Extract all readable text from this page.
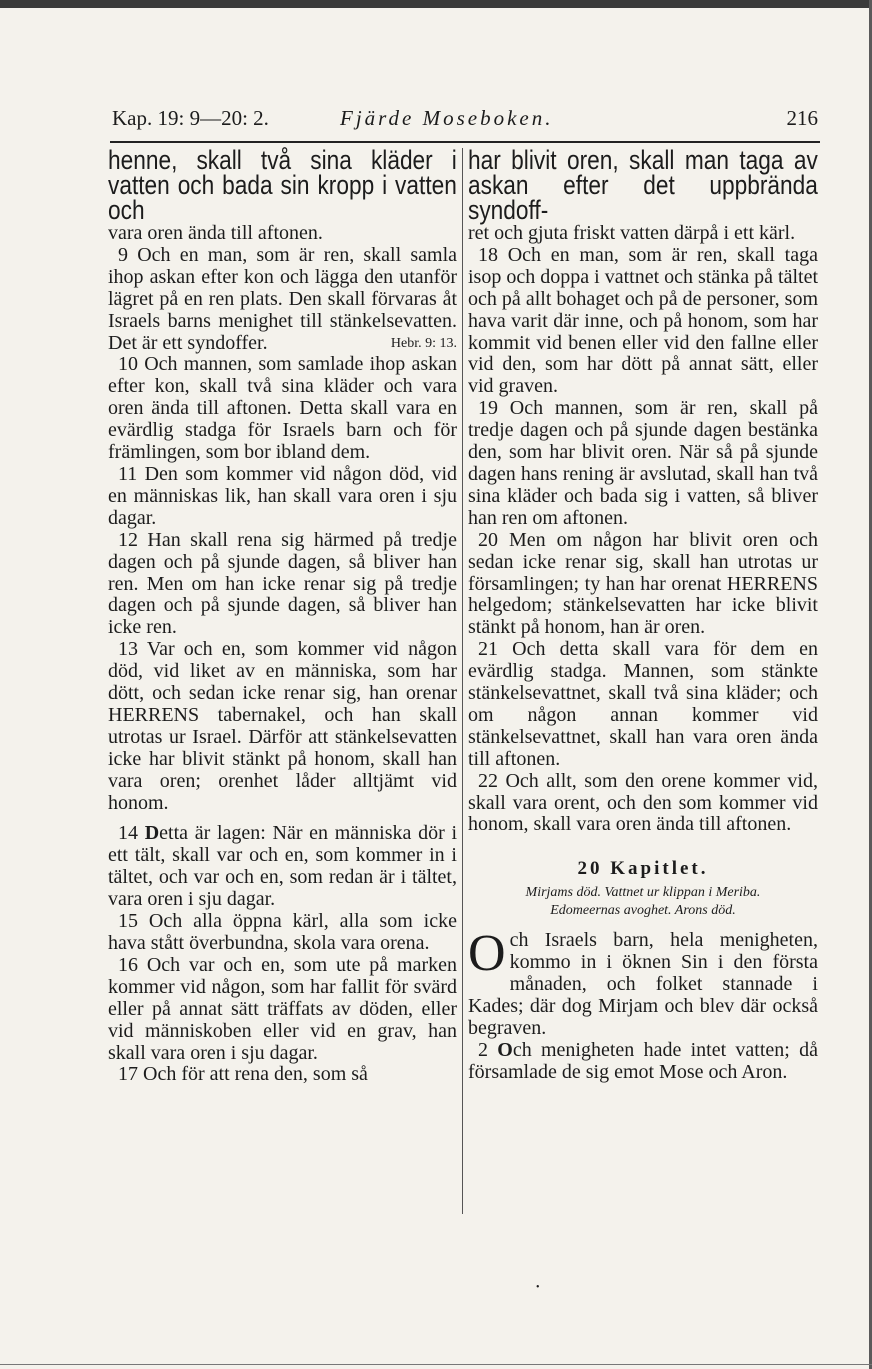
Kap. 19: 9—20: 2.	Fjärde Moseboken.	216

henne, skall två sina kläder i vatten och bada sin kropp i vatten och

vara oren ända till aftonen.

9 Och en man, som är ren, skall samla ihop askan efter kon och lägga den utanför lägret på en ren plats. Den skall förvaras åt Israels barns menighet till stänkelsevatten. Det är ett syndoffer.	Hebr. 9: 13.

10 Och mannen, som samlade ihop askan efter kon, skall två sina kläder och vara oren ända till aftonen. Detta skall vara en evärdlig stadga för Israels barn och för främlingen, som bor ibland dem.

11 Den som kommer vid någon död, vid en människas lik, han skall vara oren i sju dagar.

12 Han skall rena sig härmed på tredje dagen och på sjunde dagen, så bliver han ren. Men om han icke renar sig på tredje dagen och på sjunde dagen, så bliver han icke ren.

13 Var och en, som kommer vid någon död, vid liket av en människa, som har dött, och sedan icke renar sig, han orenar HERRENS tabernakel, och han skall utrotas ur Israel. Därför att stänkelsevatten icke har blivit stänkt på honom, skall han vara oren; orenhet låder alltjämt vid honom.

14 Detta är lagen: När en människa dör i ett tält, skall var och en, som kommer in i tältet, och var och en, som redan är i tältet, vara oren i sju dagar.

15 Och alla öppna kärl, alla som icke hava stått överbundna, skola vara orena.

16 Och var och en, som ute på marken kommer vid någon, som har fallit för svärd eller på annat sätt träffats av döden, eller vid människoben eller vid en grav, han skall vara oren i sju dagar.

17 Och för att rena den, som så

har blivit oren, skall man taga av askan efter det uppbrända syndoff-

ret och gjuta friskt vatten därpå i ett kärl.

18 Och en man, som är ren, skall taga isop och doppa i vattnet och stänka på tältet och på allt bohaget och på de personer, som hava varit där inne, och på honom, som har kommit vid benen eller vid den fallne eller vid den, som har dött på annat sätt, eller vid graven.

19 Och mannen, som är ren, skall på tredje dagen och på sjunde dagen bestänka den, som har blivit oren. När så på sjunde dagen hans rening är avslutad, skall han två sina kläder och bada sig i vatten, så bliver han ren om aftonen.

20 Men om någon har blivit oren och sedan icke renar sig, skall han utrotas ur församlingen; ty han har orenat HERRENS helgedom; stänkelsevatten har icke blivit stänkt på honom, han är oren.

21 Och detta skall vara för dem en evärdlig stadga. Mannen, som stänkte stänkelsevattnet, skall två sina kläder; och om någon annan kommer vid stänkelsevattnet, skall han vara oren ända till aftonen.

22 Och allt, som den orene kommer vid, skall vara orent, och den som kommer vid honom, skall vara oren ända till aftonen.

20 Kapitlet.
Mirjams död. Vattnet ur klippan i Meriba.
Edomeernas avoghet. Arons död.

Och Israels barn, hela menigheten, kommo in i öknen Sin i den första månaden, och folket stannade i Kades; där dog Mirjam och blev där också begraven.

2 Och menigheten hade intet vatten; då församlade de sig emot Mose och Aron.

•
